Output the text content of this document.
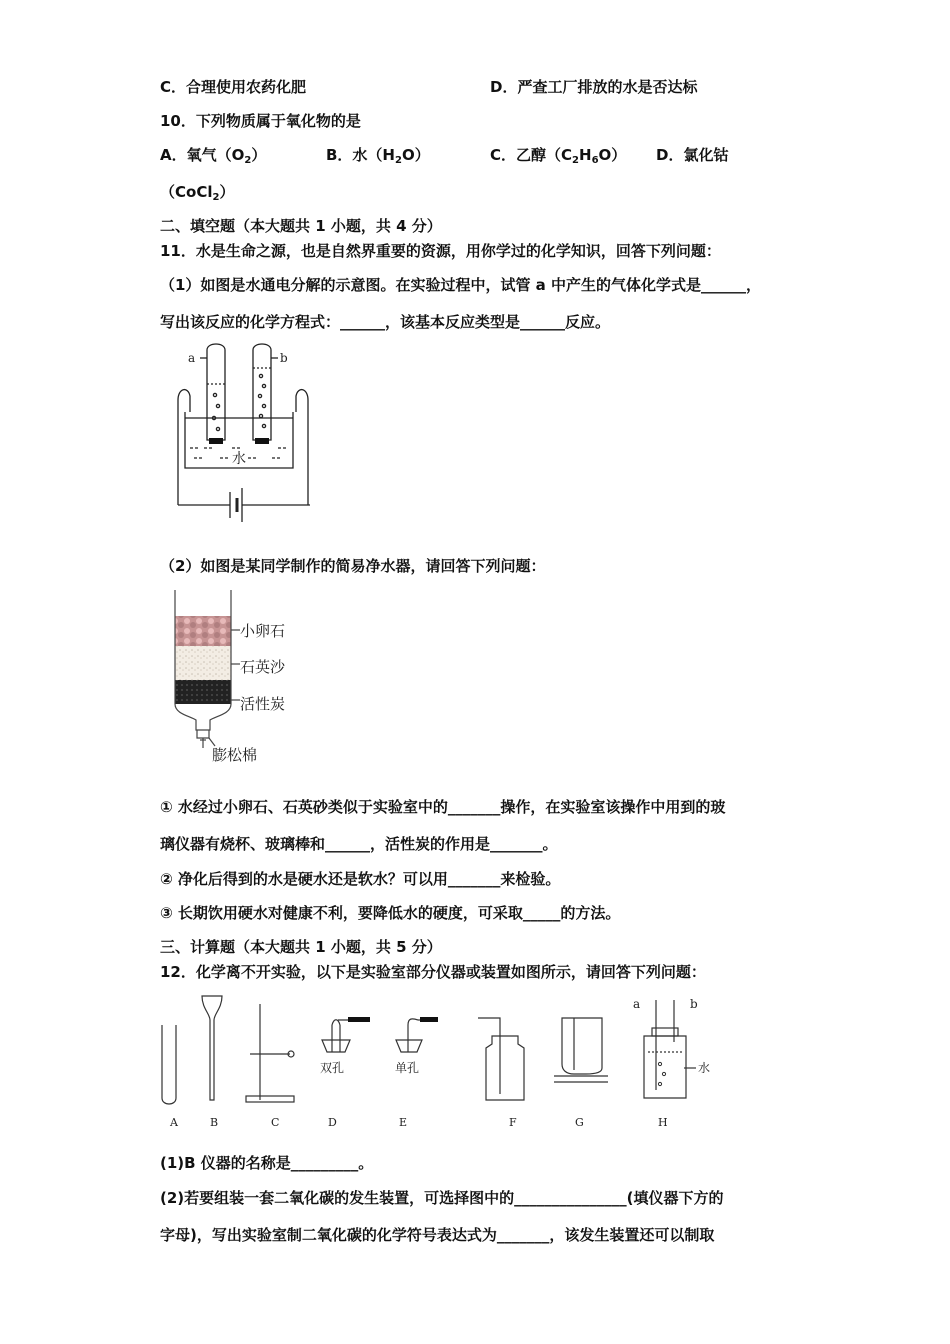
C．合理使用农药化肥	D．严查工厂排放的水是否达标
10．下列物质属于氧化物的是
A．氧气$(O_2)$	B．水$(H_2O)$	C．乙醇$(C_2H_6O)$ D．氯化钴
（CoCl$_2$）
二、填空题（本大题共 1 小题，共 4 分）
11．水是生命之源，也是自然界重要的资源，用你学过的化学知识，回答下列问题：
（1）如图是水通电分解的示意图。在实验过程中，试管 a 中产生的气体化学式是______，
写出该反应的化学方程式：______，该基本反应类型是______反应。
a	b
水
（2）如图是某同学制作的简易净水器，请回答下列问题：
小卵石
石英沙
活性炭
膨松棉
① 水经过小卵石、石英砂类似于实验室中的_______操作，在实验室该操作中用到的玻
璃仪器有烧杯、玻璃棒和______，活性炭的作用是_______。
② 净化后得到的水是硬水还是软水？可以用_______来检验。
③ 长期饮用硬水对健康不利，要降低水的硬度，可采取_____的方法。
三、计算题（本大题共 1 小题，共 5 分）
12．化学离不开实验，以下是实验室部分仪器或装置如图所示，请回答下列问题：
双孔	单孔
a	b
水
A	B	C	D	E	F	G	H
(1)B 仪器的名称是_________。
(2)若要组装一套二氧化碳的发生装置，可选择图中的_______________(填仪器下方的
字母)，写出实验室制二氧化碳的化学符号表达式为_______，该发生装置还可以制取
